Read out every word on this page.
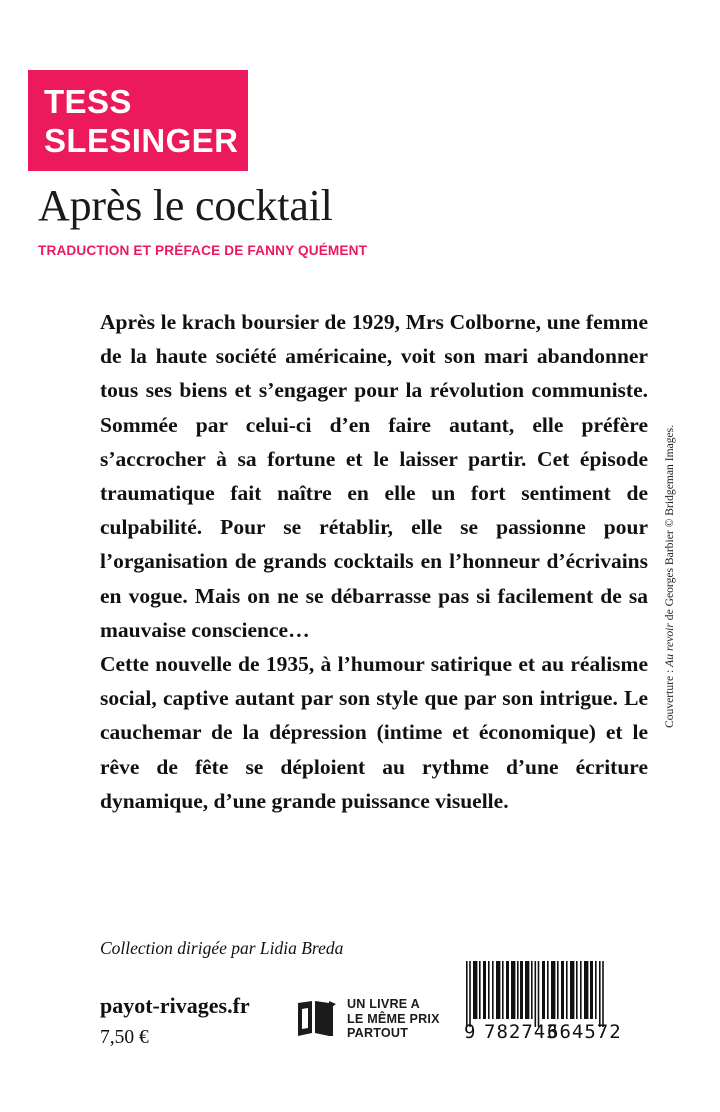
TESS
SLESINGER
Après le cocktail
TRADUCTION ET PRÉFACE DE FANNY QUÉMENT

Après le krach boursier de 1929, Mrs Colborne, une femme de la haute société américaine, voit son mari abandonner tous ses biens et s’engager pour la révolution communiste. Sommée par celui-ci d’en faire autant, elle préfère s’accrocher à sa fortune et le laisser partir. Cet épisode traumatique fait naître en elle un fort sentiment de culpabilité. Pour se rétablir, elle se passionne pour l’organisation de grands cocktails en l’honneur d’écrivains en vogue. Mais on ne se débarrasse pas si facilement de sa mauvaise conscience…

Cette nouvelle de 1935, à l’humour satirique et au réalisme social, captive autant par son style que par son intrigue. Le cauchemar de la dépression (intime et économique) et le rêve de fête se déploient au rythme d’une écriture dynamique, d’une grande puissance visuelle.

Collection dirigée par Lidia Breda
payot-rivages.fr
7,50 €
UN LIVRE A
LE MÊME PRIX
PARTOUT	9 782743
664572
Couverture : Au revoir de Georges Barbier © Bridgeman Images.
